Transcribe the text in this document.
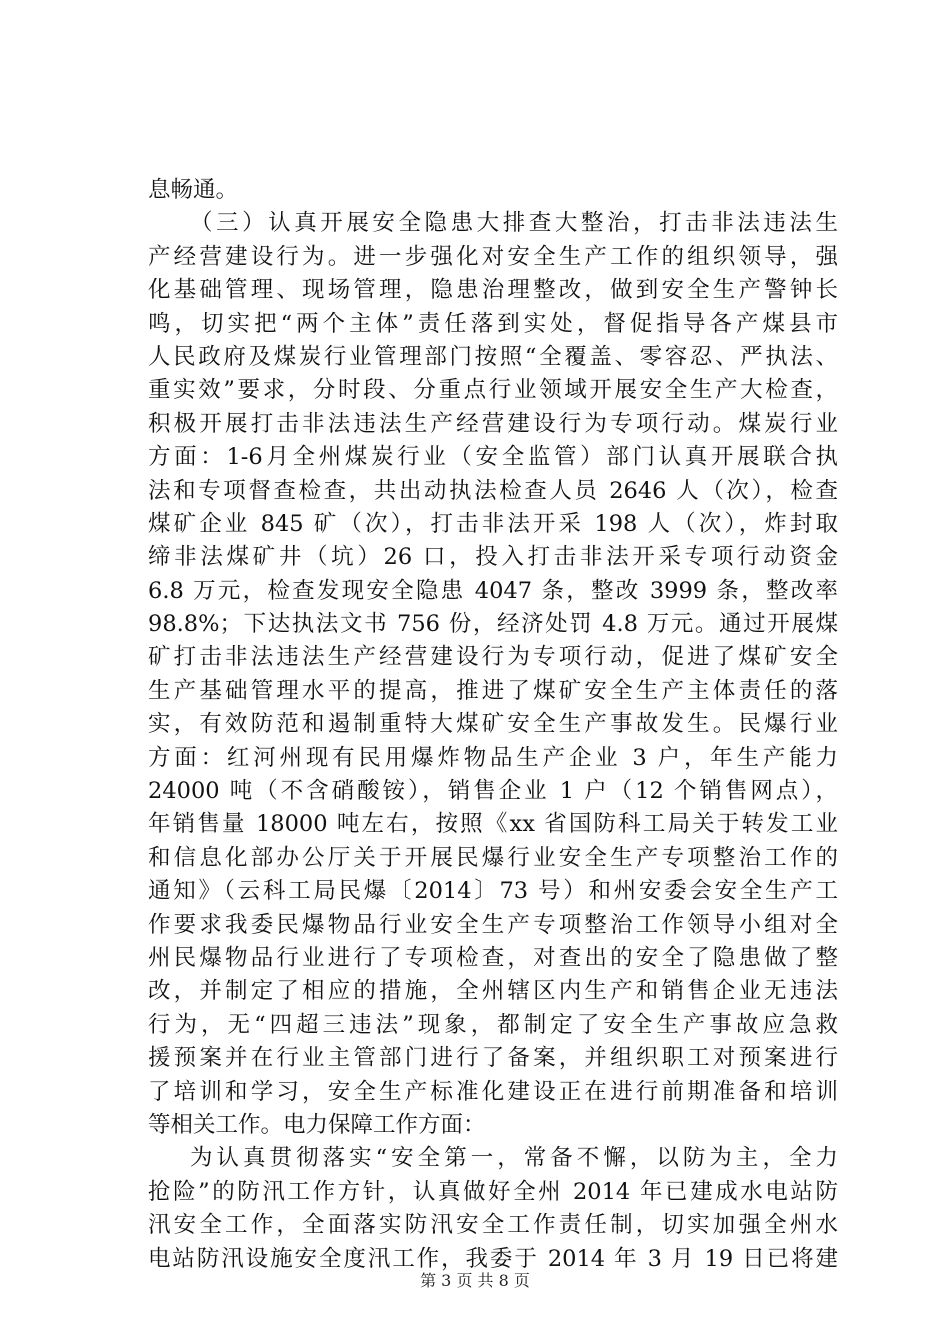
息畅通。
（三）认真开展安全隐患大排查大整治，打击非法违法生
产经营建设行为。进一步强化对安全生产工作的组织领导，强
化基础管理、现场管理，隐患治理整改，做到安全生产警钟长
鸣，切实把“两个主体”责任落到实处，督促指导各产煤县市
人民政府及煤炭行业管理部门按照“全覆盖、零容忍、严执法、
重实效”要求，分时段、分重点行业领域开展安全生产大检查，
积极开展打击非法违法生产经营建设行为专项行动。煤炭行业
方面：1-6月全州煤炭行业（安全监管）部门认真开展联合执
法和专项督查检查，共出动执法检查人员 2646 人（次），检查
煤矿企业 845 矿（次），打击非法开采 198 人（次），炸封取
缔非法煤矿井（坑）26 口，投入打击非法开采专项行动资金
6.8 万元，检查发现安全隐患 4047 条，整改 3999 条，整改率
98.8%；下达执法文书 756 份，经济处罚 4.8 万元。通过开展煤
矿打击非法违法生产经营建设行为专项行动，促进了煤矿安全
生产基础管理水平的提高，推进了煤矿安全生产主体责任的落
实，有效防范和遏制重特大煤矿安全生产事故发生。民爆行业
方面：红河州现有民用爆炸物品生产企业 3 户，年生产能力
24000 吨（不含硝酸铵），销售企业 1 户（12 个销售网点），
年销售量 18000 吨左右，按照《xx 省国防科工局关于转发工业
和信息化部办公厅关于开展民爆行业安全生产专项整治工作的
通知》（云科工局民爆〔2014〕73 号）和州安委会安全生产工
作要求我委民爆物品行业安全生产专项整治工作领导小组对全
州民爆物品行业进行了专项检查，对查出的安全了隐患做了整
改，并制定了相应的措施，全州辖区内生产和销售企业无违法
行为，无“四超三违法”现象，都制定了安全生产事故应急救
援预案并在行业主管部门进行了备案，并组织职工对预案进行
了培训和学习，安全生产标准化建设正在进行前期准备和培训
等相关工作。电力保障工作方面：
为认真贯彻落实“安全第一，常备不懈，以防为主，全力
抢险”的防汛工作方针，认真做好全州 2014 年已建成水电站防
汛安全工作，全面落实防汛安全工作责任制，切实加强全州水
电站防汛设施安全度汛工作，我委于 2014 年 3 月 19 日已将建
第 3 页 共 8 页
